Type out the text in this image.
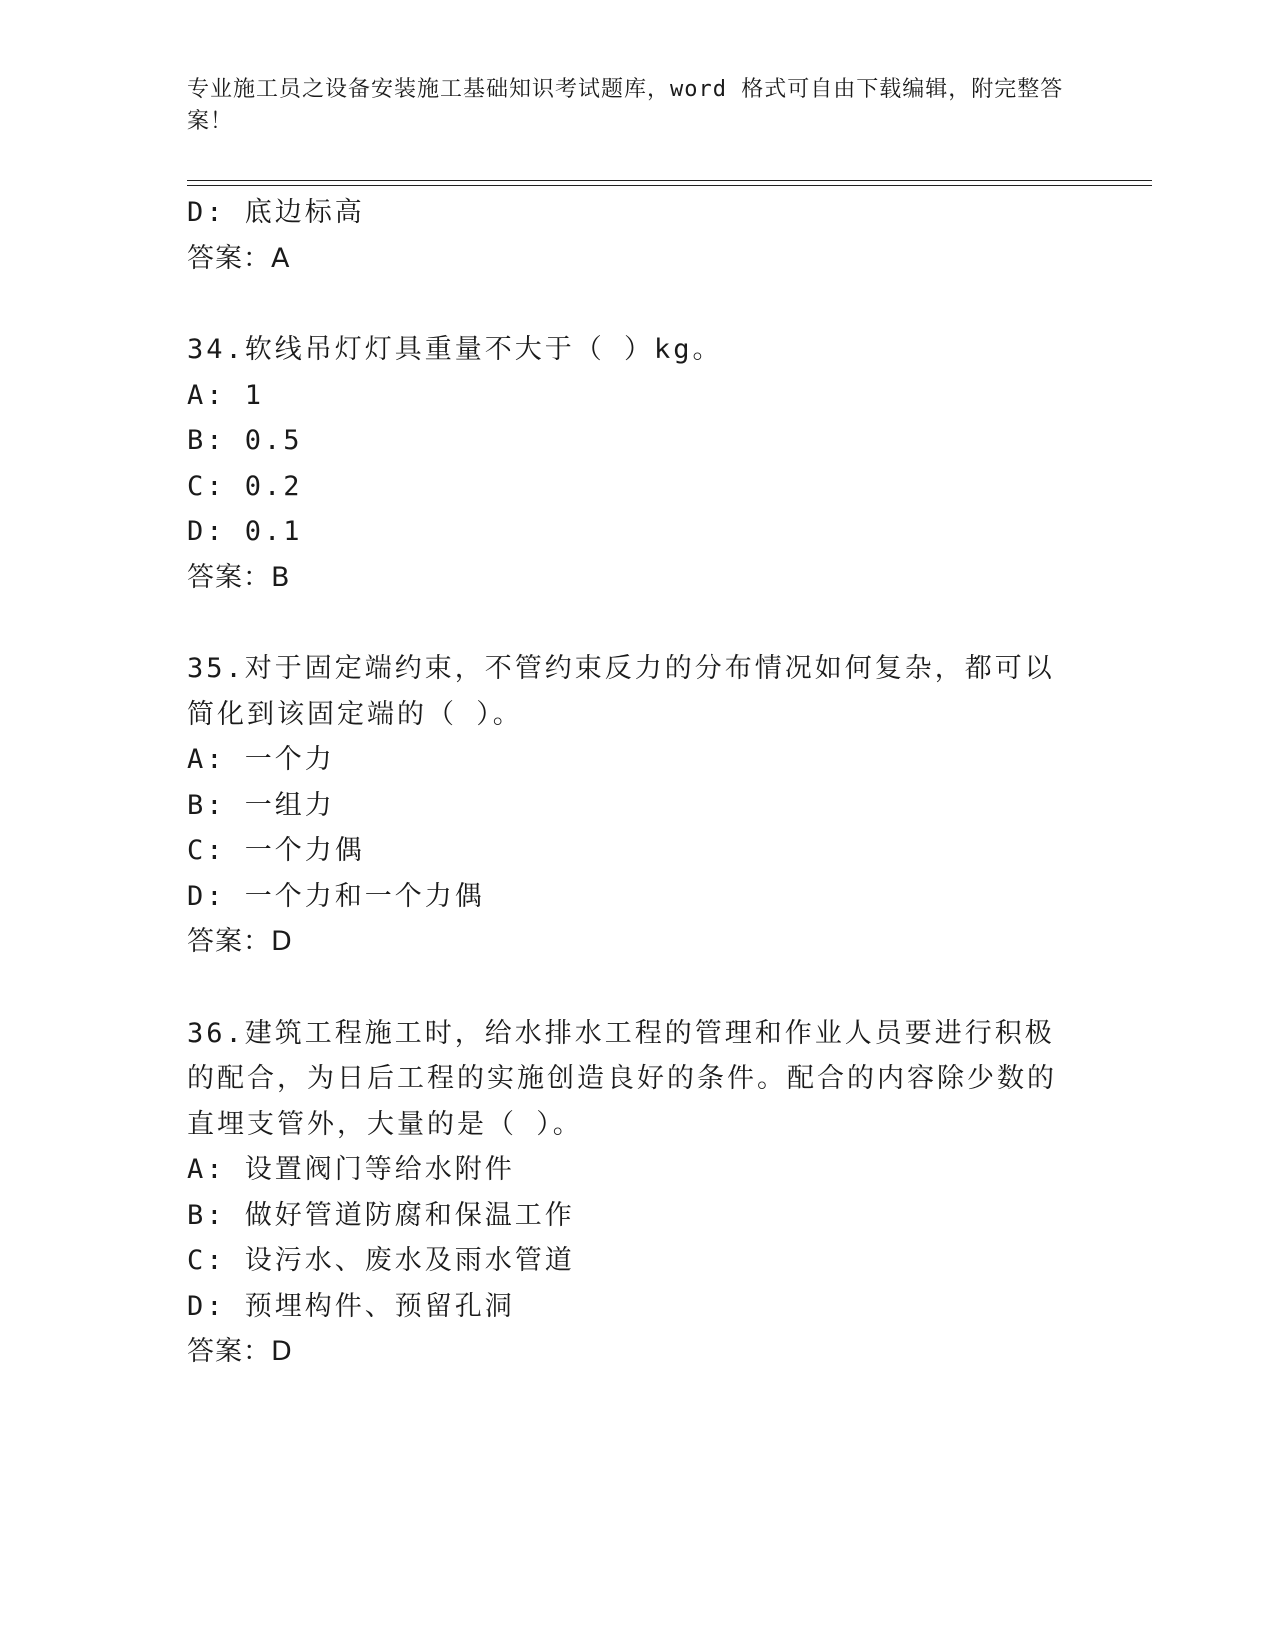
专业施工员之设备安装施工基础知识考试题库，word 格式可自由下载编辑，附完整答案！
D: 底边标高
答案：A
34.软线吊灯灯具重量不大于（ ）kg。
A: 1
B: 0.5
C: 0.2
D: 0.1
答案：B
35.对于固定端约束，不管约束反力的分布情况如何复杂，都可以简化到该固定端的（ ）。
A: 一个力
B: 一组力
C: 一个力偶
D: 一个力和一个力偶
答案：D
36.建筑工程施工时，给水排水工程的管理和作业人员要进行积极的配合，为日后工程的实施创造良好的条件。配合的内容除少数的直埋支管外，大量的是（ ）。
A: 设置阀门等给水附件
B: 做好管道防腐和保温工作
C: 设污水、废水及雨水管道
D: 预埋构件、预留孔洞
答案：D
